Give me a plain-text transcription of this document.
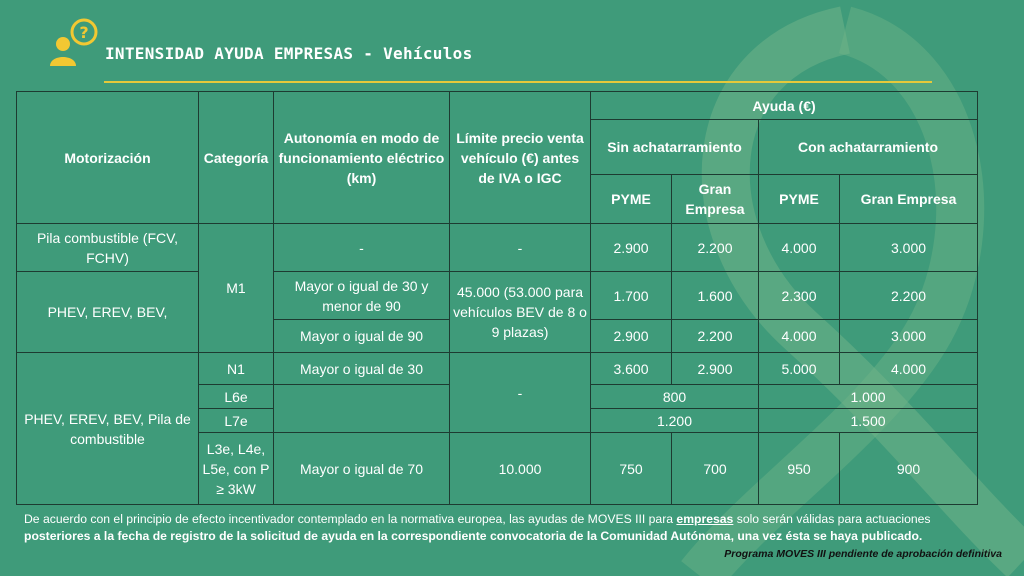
?
INTENSIDAD AYUDA EMPRESAS - Vehículos
Motorización	Categoría	Autonomía en modo de funcionamiento eléctrico (km)	Límite precio venta vehículo (€) antes de IVA o IGC	Ayuda (€)			
				Sin achatarramiento		Con achatarramiento	
				PYME	Gran Empresa	PYME	Gran Empresa
Pila combustible (FCV, FCHV)	M1	-	-	2.900	2.200	4.000	3.000
PHEV, EREV, BEV,		Mayor o igual de 30 y menor de 90	45.000 (53.000 para vehículos BEV de 8 o 9 plazas)	1.700	1.600	2.300	2.200
		Mayor o igual de 90		2.900	2.200	4.000	3.000
PHEV, EREV, BEV, Pila de combustible	N1	Mayor o igual de 30	-	3.600	2.900	5.000	4.000
	L6e			800		1.000	
	L7e			1.200		1.500	
	L3e, L4e, L5e, con P ≥ 3kW	Mayor o igual de 70	10.000	750	700	950	900
De acuerdo con el principio de efecto incentivador contemplado en la normativa europea, las ayudas de MOVES III para empresas solo serán válidas para actuaciones posteriores a la fecha de registro de la solicitud de ayuda en la correspondiente convocatoria de la Comunidad Autónoma, una vez ésta se haya publicado.
Programa MOVES III pendiente de aprobación definitiva
